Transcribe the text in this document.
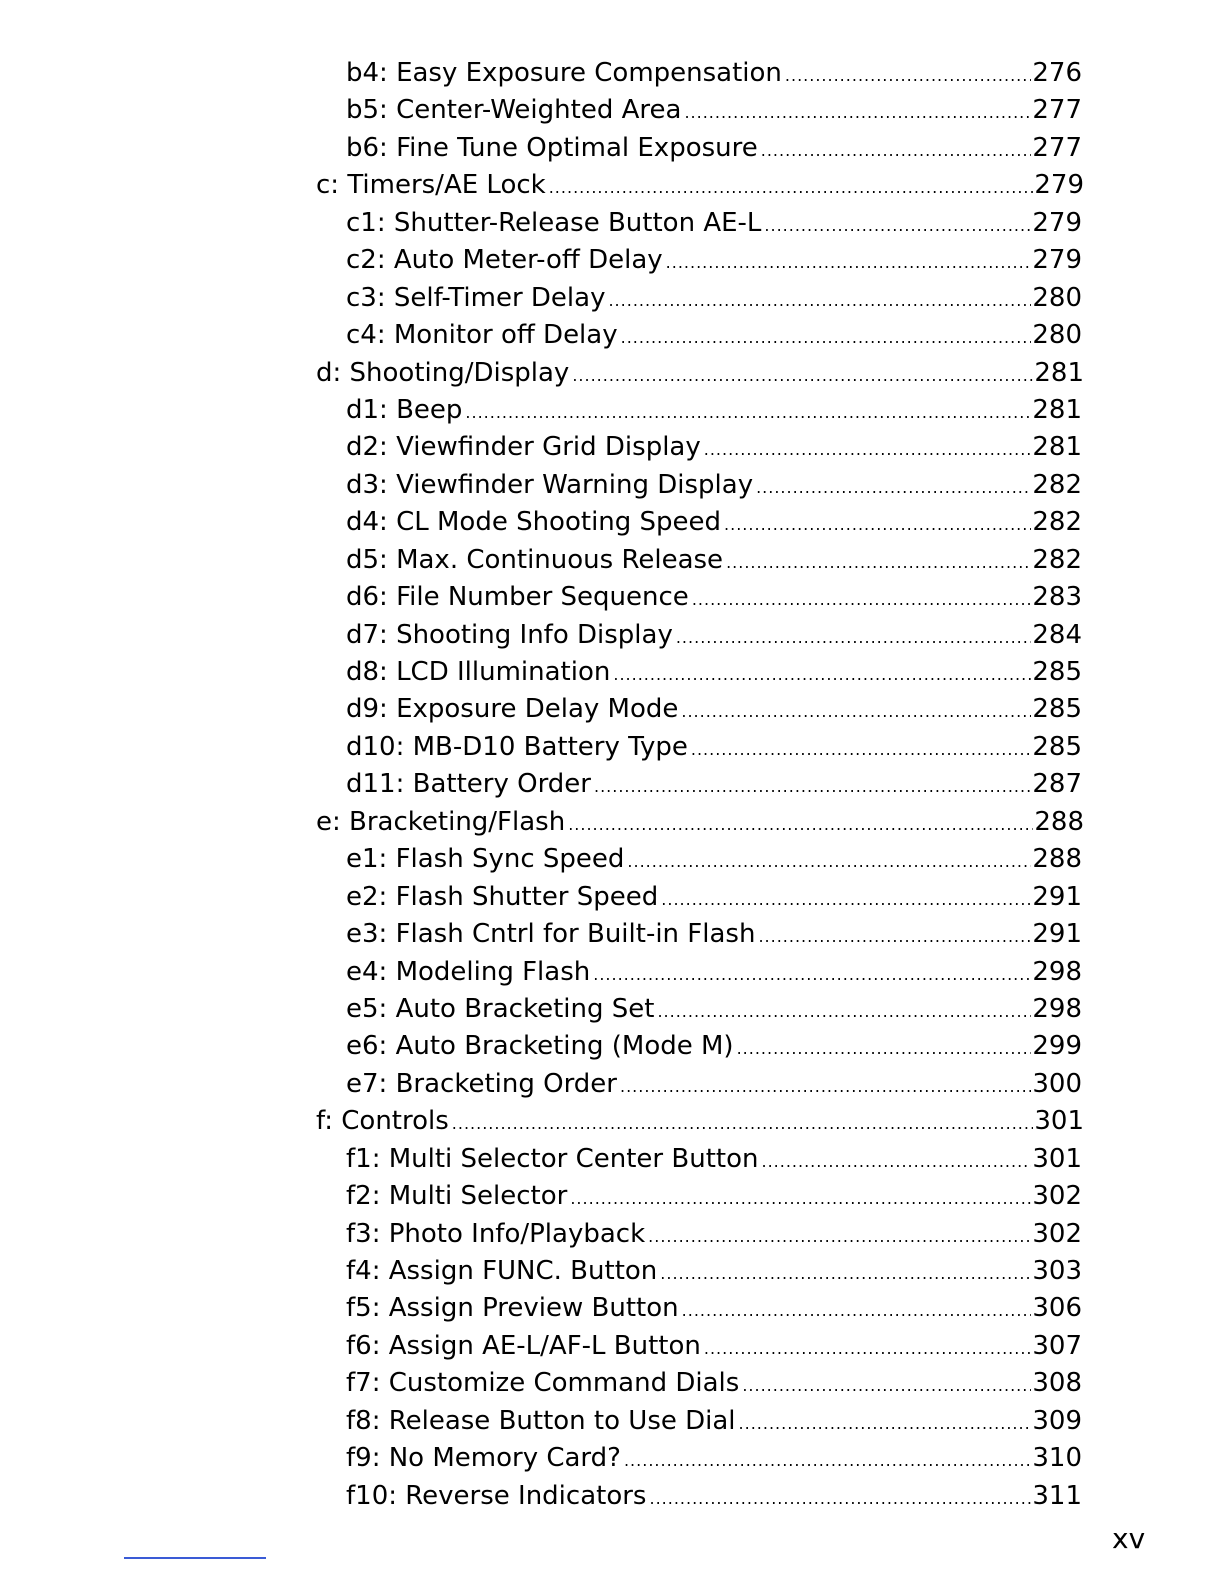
b4: Easy Exposure Compensation .....	276
b5: Center-Weighted Area .....	277
b6: Fine Tune Optimal Exposure .....	277
c: Timers/AE Lock .....	279
c1: Shutter-Release Button AE-L .....	279
c2: Auto Meter-off Delay .....	279
c3: Self-Timer Delay .....	280
c4: Monitor off Delay .....	280
d: Shooting/Display .....	281
d1: Beep .....	281
d2: Viewfinder Grid Display .....	281
d3: Viewfinder Warning Display .....	282
d4: CL Mode Shooting Speed .....	282
d5: Max. Continuous Release .....	282
d6: File Number Sequence .....	283
d7: Shooting Info Display .....	284
d8: LCD Illumination .....	285
d9: Exposure Delay Mode .....	285
d10: MB-D10 Battery Type .....	285
d11: Battery Order .....	287
e: Bracketing/Flash .....	288
e1: Flash Sync Speed .....	288
e2: Flash Shutter Speed .....	291
e3: Flash Cntrl for Built-in Flash .....	291
e4: Modeling Flash .....	298
e5: Auto Bracketing Set .....	298
e6: Auto Bracketing (Mode M) .....	299
e7: Bracketing Order .....	300
f: Controls .....	301
f1: Multi Selector Center Button .....	301
f2: Multi Selector .....	302
f3: Photo Info/Playback .....	302
f4: Assign FUNC. Button .....	303
f5: Assign Preview Button .....	306
f6: Assign AE-L/AF-L Button .....	307
f7: Customize Command Dials .....	308
f8: Release Button to Use Dial .....	309
f9: No Memory Card? .....	310
f10: Reverse Indicators .....	311
xv
